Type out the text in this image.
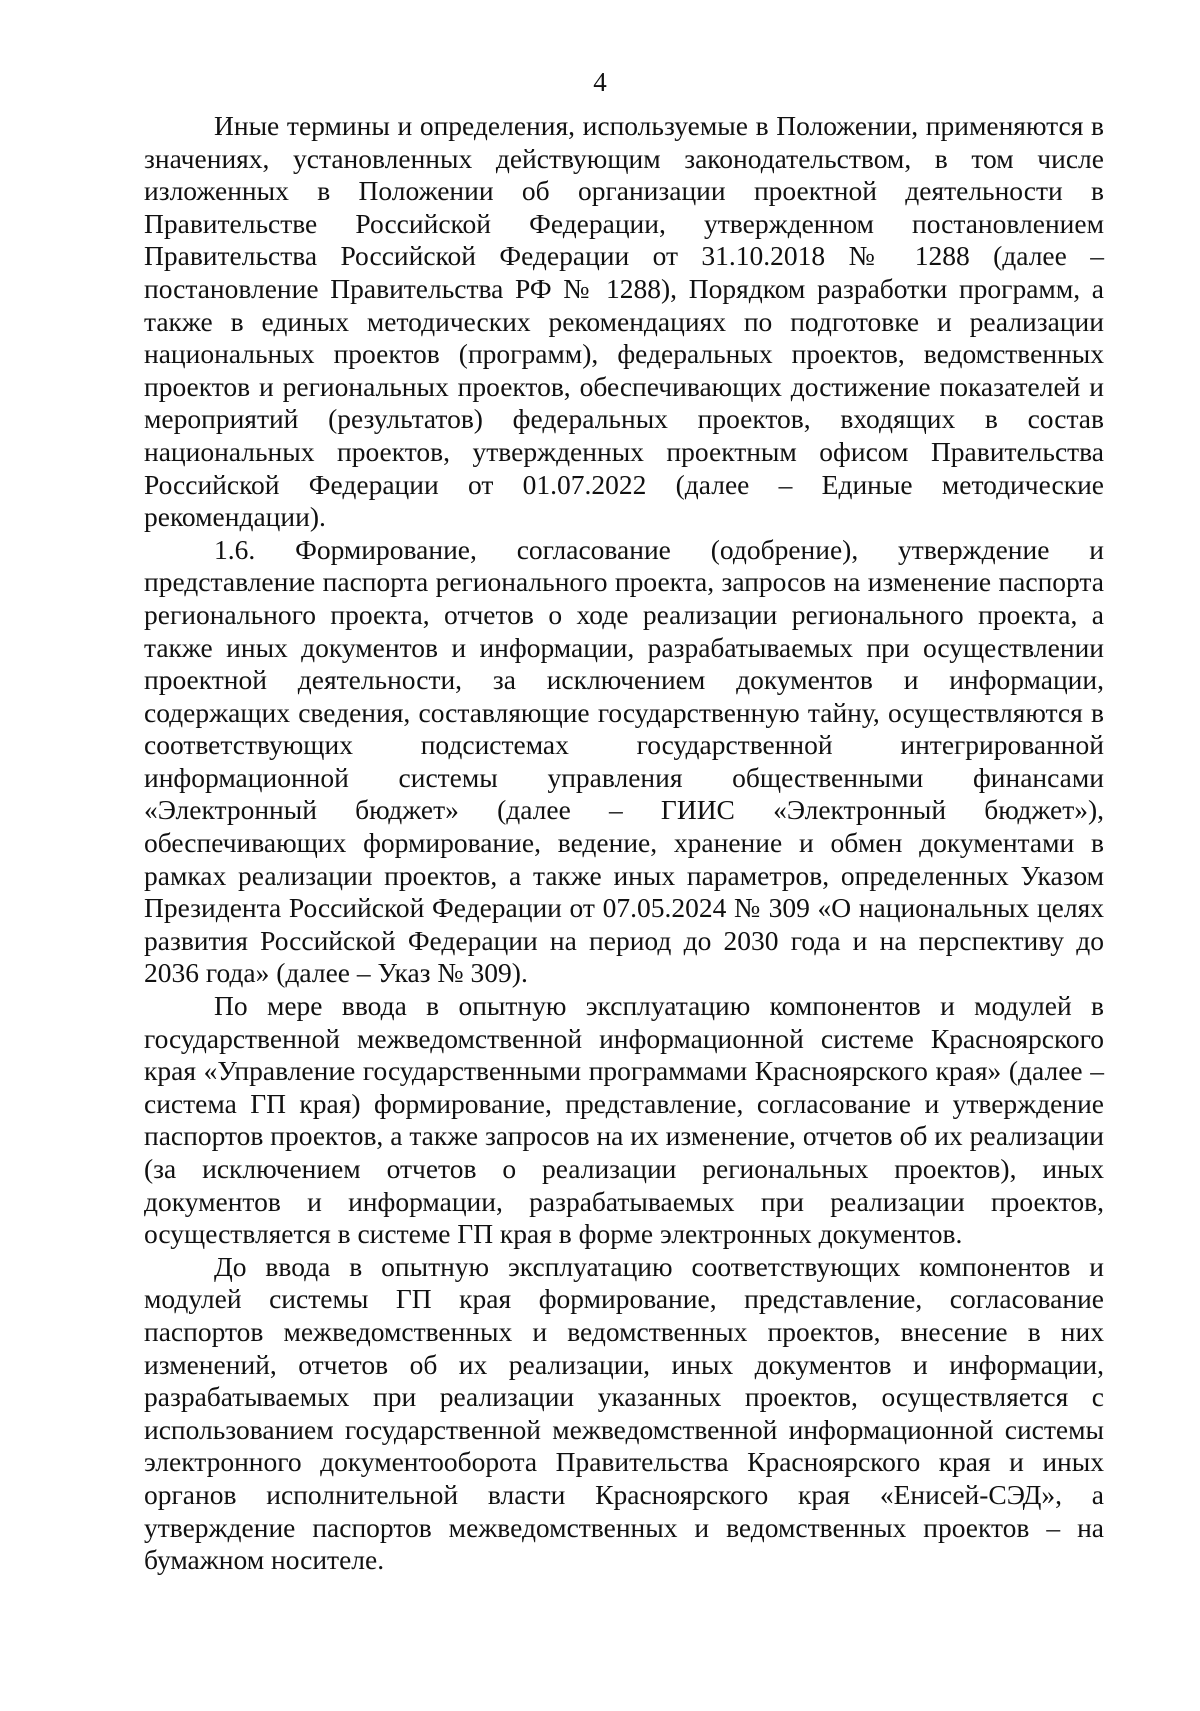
4

Иные термины и определения, используемые в Положении, применяются в значениях, установленных действующим законодательством, в том числе изложенных в Положении об организации проектной деятельности в Правительстве Российской Федерации, утвержденном постановлением Правительства Российской Федерации от 31.10.2018 № 1288 (далее – постановление Правительства РФ № 1288), Порядком разработки программ, а также в единых методических рекомендациях по подготовке и реализации национальных проектов (программ), федеральных проектов, ведомственных проектов и региональных проектов, обеспечивающих достижение показателей и мероприятий (результатов) федеральных проектов, входящих в состав национальных проектов, утвержденных проектным офисом Правительства Российской Федерации от 01.07.2022 (далее – Единые методические рекомендации).

1.6. Формирование, согласование (одобрение), утверждение и представление паспорта регионального проекта, запросов на изменение паспорта регионального проекта, отчетов о ходе реализации регионального проекта, а также иных документов и информации, разрабатываемых при осуществлении проектной деятельности, за исключением документов и информации, содержащих сведения, составляющие государственную тайну, осуществляются в соответствующих подсистемах государственной интегрированной информационной системы управления общественными финансами «Электронный бюджет» (далее – ГИИС «Электронный бюджет»), обеспечивающих формирование, ведение, хранение и обмен документами в рамках реализации проектов, а также иных параметров, определенных Указом Президента Российской Федерации от 07.05.2024 № 309 «О национальных целях развития Российской Федерации на период до 2030 года и на перспективу до 2036 года» (далее – Указ № 309).

По мере ввода в опытную эксплуатацию компонентов и модулей в государственной межведомственной информационной системе Красноярского края «Управление государственными программами Красноярского края» (далее – система ГП края) формирование, представление, согласование и утверждение паспортов проектов, а также запросов на их изменение, отчетов об их реализации (за исключением отчетов о реализации региональных проектов), иных документов и информации, разрабатываемых при реализации проектов, осуществляется в системе ГП края в форме электронных документов.

До ввода в опытную эксплуатацию соответствующих компонентов и модулей системы ГП края формирование, представление, согласование паспортов межведомственных и ведомственных проектов, внесение в них изменений, отчетов об их реализации, иных документов и информации, разрабатываемых при реализации указанных проектов, осуществляется с использованием государственной межведомственной информационной системы электронного документооборота Правительства Красноярского края и иных органов исполнительной власти Красноярского края «Енисей-СЭД», а утверждение паспортов межведомственных и ведомственных проектов – на бумажном носителе.
